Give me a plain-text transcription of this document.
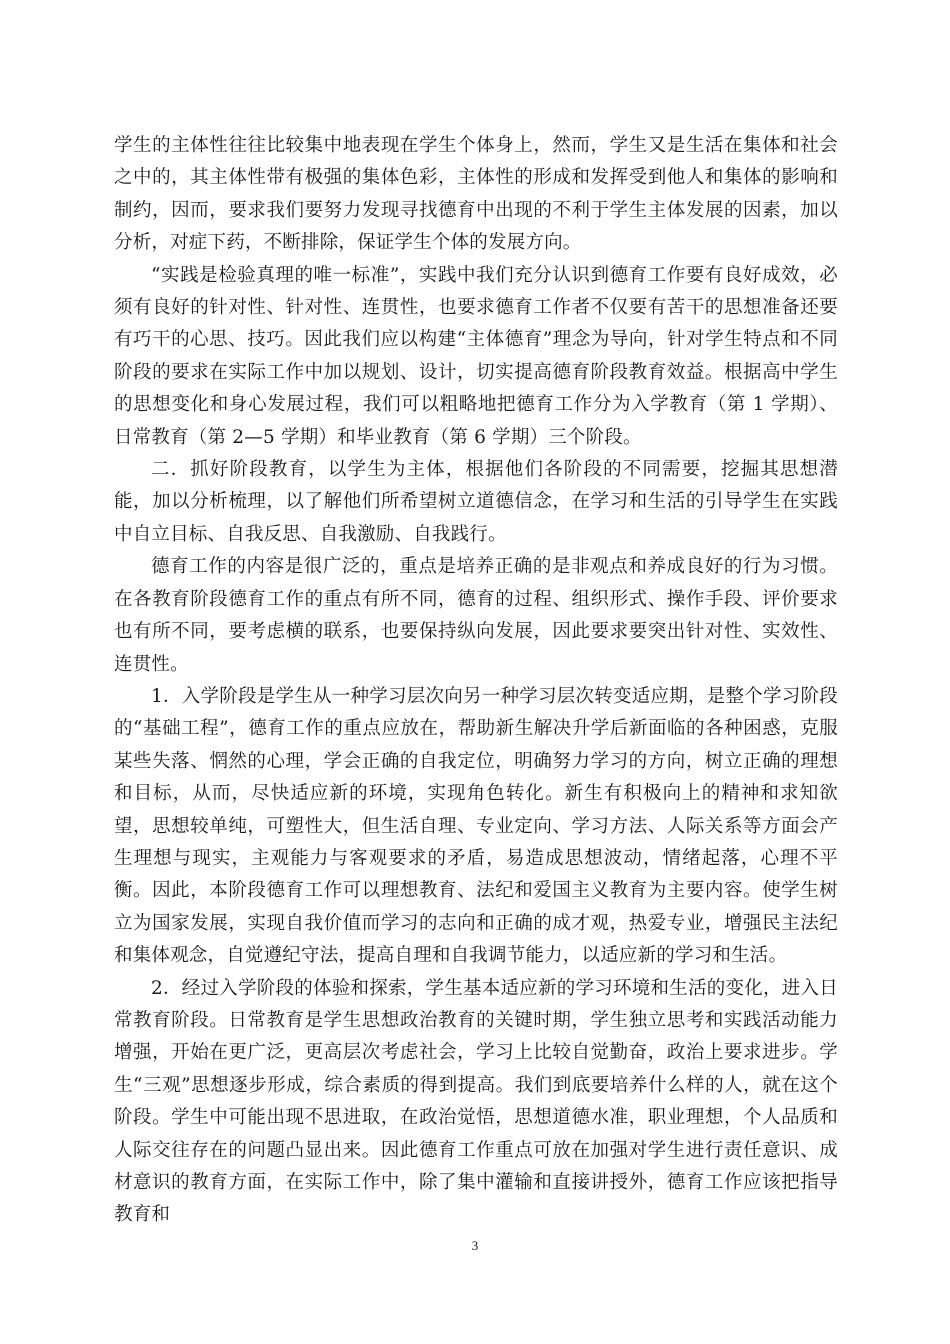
学生的主体性往往比较集中地表现在学生个体身上，然而，学生又是生活在集体和社会之中的，其主体性带有极强的集体色彩，主体性的形成和发挥受到他人和集体的影响和制约，因而，要求我们要努力发现寻找德育中出现的不利于学生主体发展的因素，加以分析，对症下药，不断排除，保证学生个体的发展方向。

“实践是检验真理的唯一标准”，实践中我们充分认识到德育工作要有良好成效，必须有良好的针对性、针对性、连贯性，也要求德育工作者不仅要有苦干的思想准备还要有巧干的心思、技巧。因此我们应以构建“主体德育”理念为导向，针对学生特点和不同阶段的要求在实际工作中加以规划、设计，切实提高德育阶段教育效益。根据高中学生的思想变化和身心发展过程，我们可以粗略地把德育工作分为入学教育（第 1 学期）、日常教育（第 2—5 学期）和毕业教育（第 6 学期）三个阶段。

二．抓好阶段教育，以学生为主体，根据他们各阶段的不同需要，挖掘其思想潜能，加以分析梳理，以了解他们所希望树立道德信念，在学习和生活的引导学生在实践中自立目标、自我反思、自我激励、自我践行。

德育工作的内容是很广泛的，重点是培养正确的是非观点和养成良好的行为习惯。在各教育阶段德育工作的重点有所不同，德育的过程、组织形式、操作手段、评价要求也有所不同，要考虑横的联系，也要保持纵向发展，因此要求要突出针对性、实效性、连贯性。

1．入学阶段是学生从一种学习层次向另一种学习层次转变适应期，是整个学习阶段的“基础工程”，德育工作的重点应放在，帮助新生解决升学后新面临的各种困惑，克服某些失落、惘然的心理，学会正确的自我定位，明确努力学习的方向，树立正确的理想和目标，从而，尽快适应新的环境，实现角色转化。新生有积极向上的精神和求知欲望，思想较单纯，可塑性大，但生活自理、专业定向、学习方法、人际关系等方面会产生理想与现实，主观能力与客观要求的矛盾，易造成思想波动，情绪起落，心理不平衡。因此，本阶段德育工作可以理想教育、法纪和爱国主义教育为主要内容。使学生树立为国家发展，实现自我价值而学习的志向和正确的成才观，热爱专业，增强民主法纪和集体观念，自觉遵纪守法，提高自理和自我调节能力，以适应新的学习和生活。

2．经过入学阶段的体验和探索，学生基本适应新的学习环境和生活的变化，进入日常教育阶段。日常教育是学生思想政治教育的关键时期，学生独立思考和实践活动能力增强，开始在更广泛，更高层次考虑社会，学习上比较自觉勤奋，政治上要求进步。学生“三观”思想逐步形成，综合素质的得到提高。我们到底要培养什么样的人，就在这个阶段。学生中可能出现不思进取，在政治觉悟，思想道德水准，职业理想，个人品质和人际交往存在的问题凸显出来。因此德育工作重点可放在加强对学生进行责任意识、成材意识的教育方面，在实际工作中，除了集中灌输和直接讲授外，德育工作应该把指导教育和

3
